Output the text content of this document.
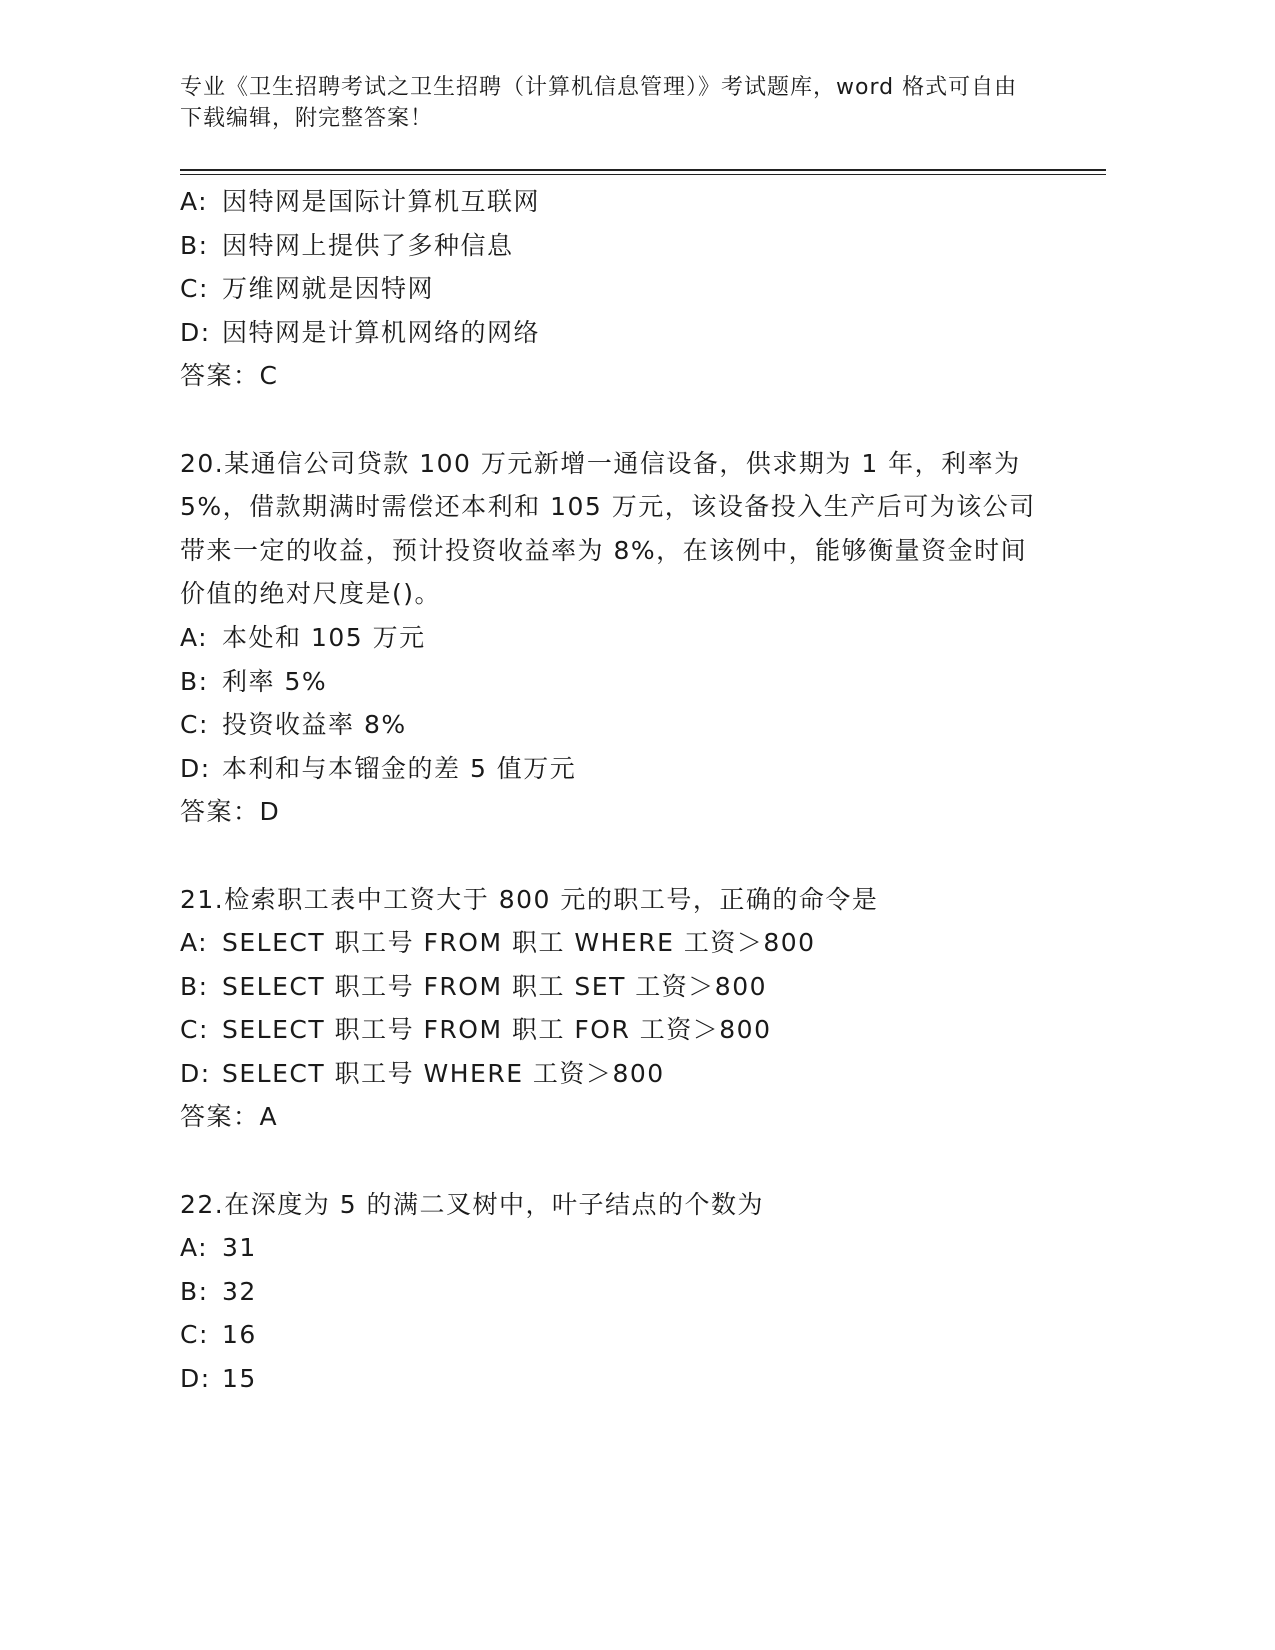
专业《卫生招聘考试之卫生招聘（计算机信息管理）》考试题库，word 格式可自由下载编辑，附完整答案！
A: 因特网是国际计算机互联网
B: 因特网上提供了多种信息
C: 万维网就是因特网
D: 因特网是计算机网络的网络
答案：C
20.某通信公司贷款 100 万元新增一通信设备，供求期为 1 年，利率为 5%，借款期满时需偿还本利和 105 万元，该设备投入生产后可为该公司带来一定的收益，预计投资收益率为 8%，在该例中，能够衡量资金时间价值的绝对尺度是()。
A: 本处和 105 万元
B: 利率 5%
C: 投资收益率 8%
D: 本利和与本镏金的差 5 值万元
答案：D
21.检索职工表中工资大于 800 元的职工号，正确的命令是
A: SELECT 职工号 FROM 职工 WHERE 工资＞800
B: SELECT 职工号 FROM 职工 SET 工资＞800
C: SELECT 职工号 FROM 职工 FOR 工资＞800
D: SELECT 职工号 WHERE 工资＞800
答案：A
22.在深度为 5 的满二叉树中，叶子结点的个数为
A: 31
B: 32
C: 16
D: 15
